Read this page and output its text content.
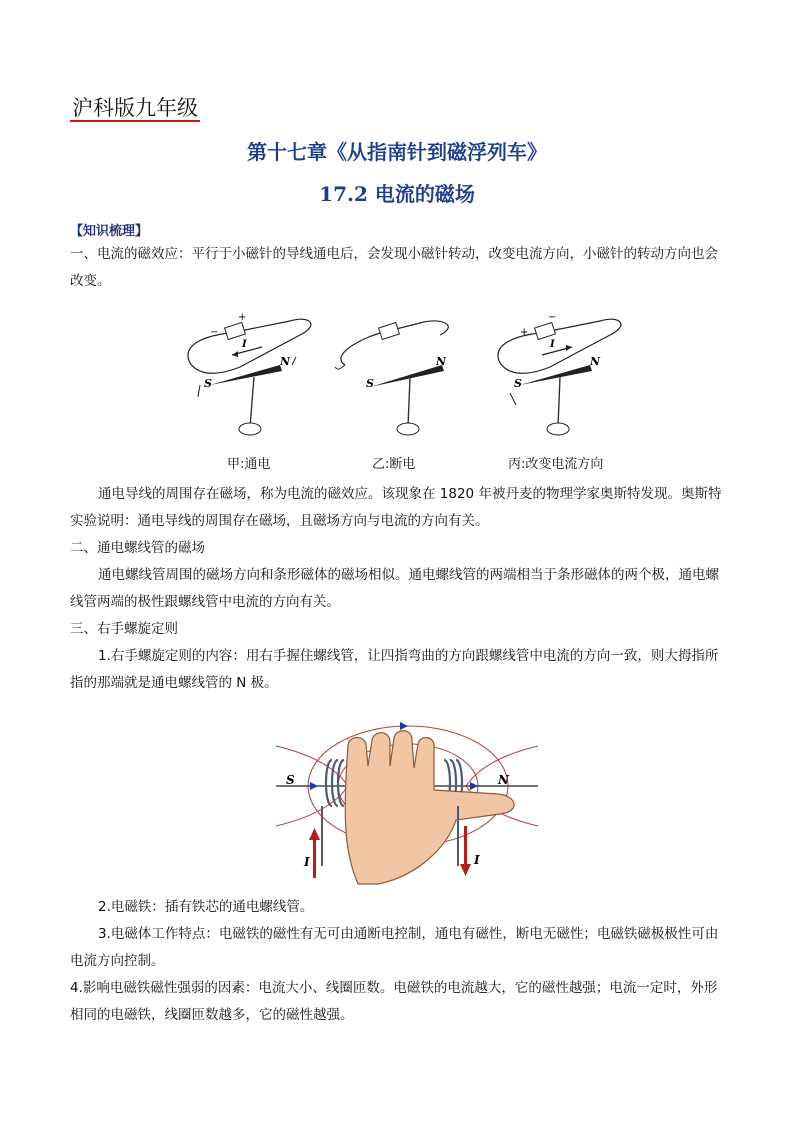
沪科版九年级
第十七章《从指南针到磁浮列车》
17.2 电流的磁场
【知识梳理】
一、电流的磁效应：平行于小磁针的导线通电后，会发现小磁针转动，改变电流方向，小磁针的转动方向也会改变。
+
−
I
N
S
N
S
−
+
I
N
S
甲:通电	乙:断电	丙:改变电流方向
通电导线的周围存在磁场，称为电流的磁效应。该现象在 1820 年被丹麦的物理学家奥斯特发现。奥斯特实验说明：通电导线的周围存在磁场，且磁场方向与电流的方向有关。
二、通电螺线管的磁场
通电螺线管周围的磁场方向和条形磁体的磁场相似。通电螺线管的两端相当于条形磁体的两个极，通电螺线管两端的极性跟螺线管中电流的方向有关。
三、右手螺旋定则
1.右手螺旋定则的内容：用右手握住螺线管，让四指弯曲的方向跟螺线管中电流的方向一致，则大拇指所指的那端就是通电螺线管的 N 极。
S	N
I	I
2.电磁铁：插有铁芯的通电螺线管。
3.电磁体工作特点：电磁铁的磁性有无可由通断电控制，通电有磁性，断电无磁性；电磁铁磁极极性可由电流方向控制。
4.影响电磁铁磁性强弱的因素：电流大小、线圈匝数。电磁铁的电流越大，它的磁性越强；电流一定时，外形相同的电磁铁，线圈匝数越多，它的磁性越强。
